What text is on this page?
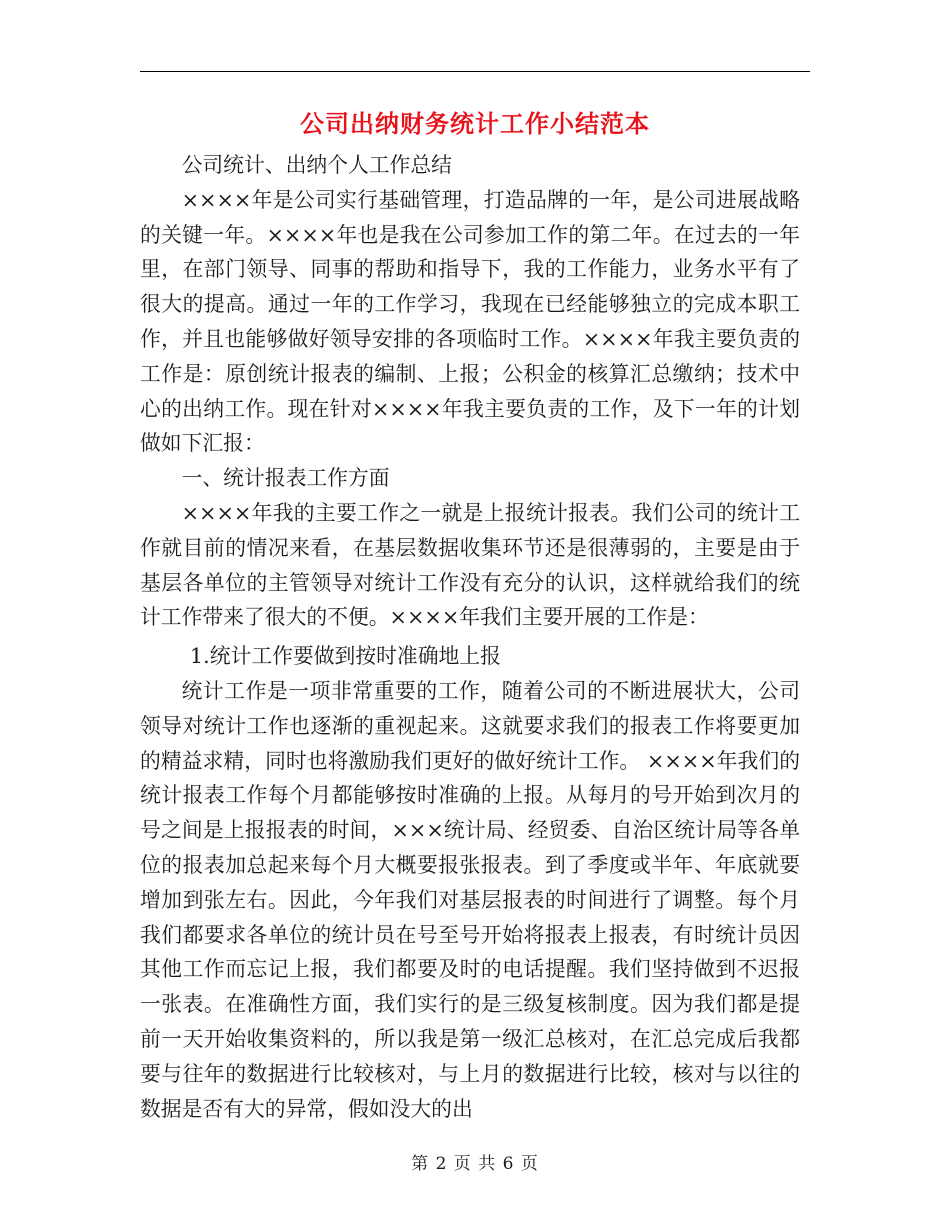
公司出纳财务统计工作小结范本

公司统计、出纳个人工作总结

××××年是公司实行基础管理，打造品牌的一年，是公司进展战略的关键一年。××××年也是我在公司参加工作的第二年。在过去的一年里，在部门领导、同事的帮助和指导下，我的工作能力，业务水平有了很大的提高。通过一年的工作学习，我现在已经能够独立的完成本职工作，并且也能够做好领导安排的各项临时工作。××××年我主要负责的工作是：原创统计报表的编制、上报；公积金的核算汇总缴纳；技术中心的出纳工作。现在针对××××年我主要负责的工作，及下一年的计划做如下汇报：

一、统计报表工作方面

××××年我的主要工作之一就是上报统计报表。我们公司的统计工作就目前的情况来看，在基层数据收集环节还是很薄弱的，主要是由于基层各单位的主管领导对统计工作没有充分的认识，这样就给我们的统计工作带来了很大的不便。××××年我们主要开展的工作是：

1.统计工作要做到按时准确地上报

统计工作是一项非常重要的工作，随着公司的不断进展状大，公司领导对统计工作也逐渐的重视起来。这就要求我们的报表工作将要更加的精益求精，同时也将激励我们更好的做好统计工作。 ××××年我们的统计报表工作每个月都能够按时准确的上报。从每月的号开始到次月的号之间是上报报表的时间，×××统计局、经贸委、自治区统计局等各单位的报表加总起来每个月大概要报张报表。到了季度或半年、年底就要增加到张左右。因此，今年我们对基层报表的时间进行了调整。每个月我们都要求各单位的统计员在号至号开始将报表上报表，有时统计员因其他工作而忘记上报，我们都要及时的电话提醒。我们坚持做到不迟报一张表。在准确性方面，我们实行的是三级复核制度。因为我们都是提前一天开始收集资料的，所以我是第一级汇总核对，在汇总完成后我都要与往年的数据进行比较核对，与上月的数据进行比较，核对与以往的数据是否有大的异常，假如没大的出

第 2 页 共 6 页
